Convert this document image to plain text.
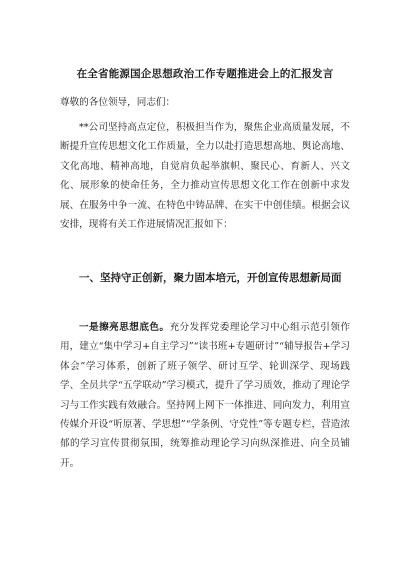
在全省能源国企思想政治工作专题推进会上的汇报发言
尊敬的各位领导，同志们：

**公司坚持高点定位，积极担当作为，聚焦企业高质量发展，不断提升宣传思想文化工作质量，全力以赴打造思想高地、舆论高地、文化高地、精神高地，自觉肩负起举旗帜、聚民心、育新人、兴文化、展形象的使命任务，全力推动宣传思想文化工作在创新中求发展、在服务中争一流、在特色中铸品牌、在实干中创佳绩。根据会议安排，现将有关工作进展情况汇报如下：

一、坚持守正创新，聚力固本培元，开创宣传思想新局面

一是擦亮思想底色。充分发挥党委理论学习中心组示范引领作用，建立“集中学习+自主学习”“读书班+专题研讨”“辅导报告+学习体会”学习体系，创新了班子领学、研讨互学、轮训深学、现场践学、全员共学“五学联动”学习模式，提升了学习质效，推动了理论学习与工作实践有效融合。坚持网上网下一体推进、同向发力，利用宣传媒介开设“听原著、学思想”“学条例、守党性”等专题专栏，营造浓郁的学习宣传贯彻氛围，统筹推动理论学习向纵深推进、向全员铺开。
